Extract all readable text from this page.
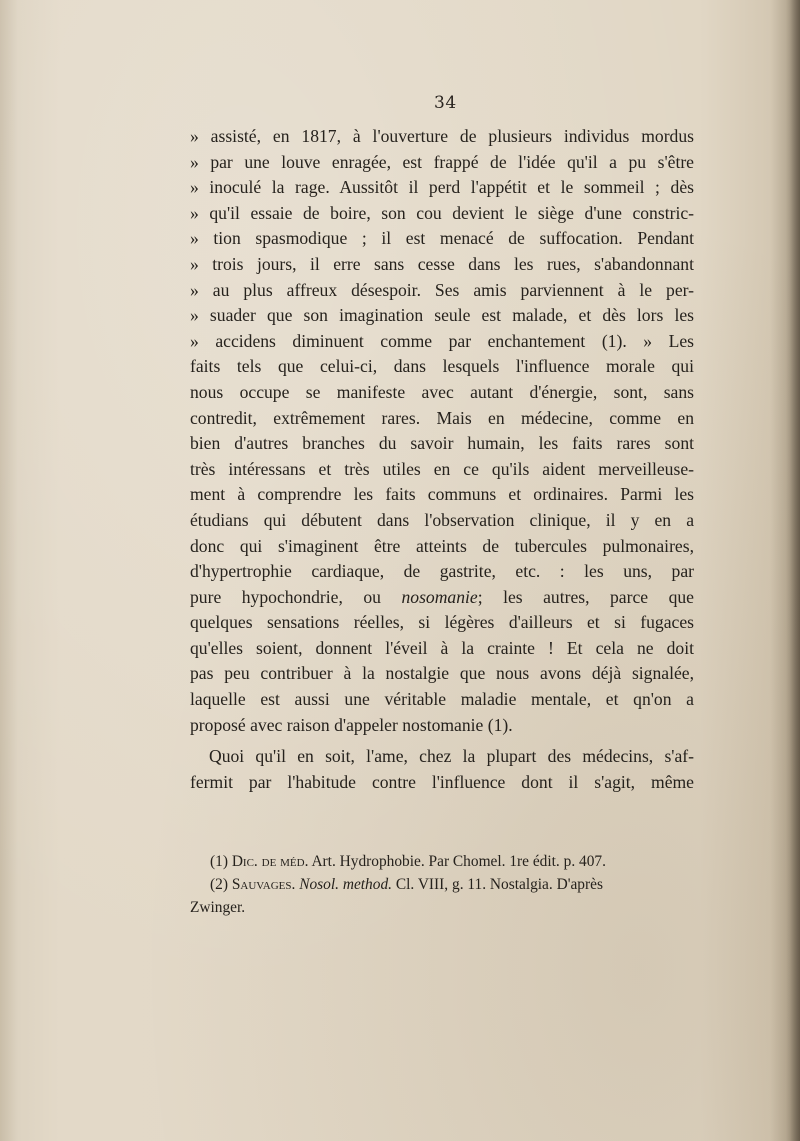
34
» assisté, en 1817, à l'ouverture de plusieurs individus mordus
» par une louve enragée, est frappé de l'idée qu'il a pu s'être
» inoculé la rage. Aussitôt il perd l'appétit et le sommeil ; dès
» qu'il essaie de boire, son cou devient le siège d'une constric-
» tion spasmodique ; il est menacé de suffocation. Pendant
» trois jours, il erre sans cesse dans les rues, s'abandonnant
» au plus affreux désespoir. Ses amis parviennent à le per-
» suader que son imagination seule est malade, et dès lors les
» accidens diminuent comme par enchantement (1). » Les
faits tels que celui-ci, dans lesquels l'influence morale qui
nous occupe se manifeste avec autant d'énergie, sont, sans
contredit, extrêmement rares. Mais en médecine, comme en
bien d'autres branches du savoir humain, les faits rares sont
très intéressans et très utiles en ce qu'ils aident merveilleuse-
ment à comprendre les faits communs et ordinaires. Parmi les
étudians qui débutent dans l'observation clinique, il y en a
donc qui s'imaginent être atteints de tubercules pulmonaires,
d'hypertrophie cardiaque, de gastrite, etc. : les uns, par
pure hypochondrie, ou nosomanie; les autres, parce que
quelques sensations réelles, si légères d'ailleurs et si fugaces
qu'elles soient, donnent l'éveil à la crainte ! Et cela ne doit
pas peu contribuer à la nostalgie que nous avons déjà signalée,
laquelle est aussi une véritable maladie mentale, et qn'on a
proposé avec raison d'appeler nostomanie (1).
Quoi qu'il en soit, l'ame, chez la plupart des médecins, s'af-
fermit par l'habitude contre l'influence dont il s'agit, même
(1) Dic. de méd. Art. Hydrophobie. Par Chomel. 1re édit. p. 407.
(2) Sauvages. Nosol. method. Cl. VIII, g. 11. Nostalgia. D'après
Zwinger.
